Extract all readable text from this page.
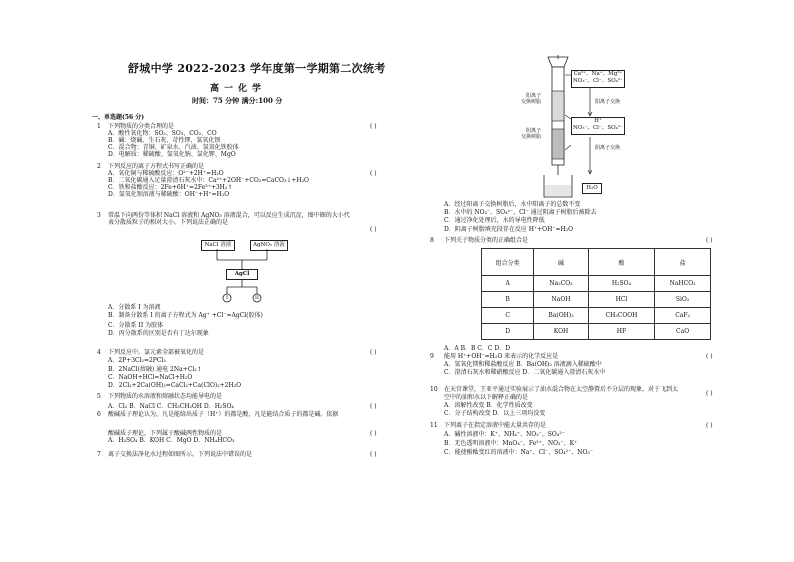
舒城中学 2022-2023 学年度第一学期第二次统考
高一化学
时间：75 分钟 满分:100 分
一、单选题(56 分)
1 下列物质的分类合理的是
A．酸性氧化物：SO₂、SO₃、CO₂、CO
B．碱：烧碱、生石灰、苛性钾、氢氧化钡
C．混合物：青铜、矿泉水、汽油、氢氧化铁胶体
D．电解质：稀硫酸、氢氧化钠、氯化钾、MgO
2 下列反应的离子方程式书写正确的是
A．氧化铜与稀硫酸反应：O²⁻+2H⁺=H₂O
B．二氧化碳通入足量澄清石灰水中：Ca²⁺+2OH⁻+CO₂=CaCO₃↓+H₂O
C．铁和盐酸反应：2Fe+6H⁺=2Fe³⁺+3H₂↑
D．氢氧化钡溶液与稀硫酸：OH⁻+H⁺=H₂O
3 常温下向两份等体积 NaCl 溶液和 AgNO₃ 溶液混合，可以反应生成沉淀，图中圈的大小代
表分散质粒子的相对大小。下列说法正确的是
A．分散系 I 为溶液
B．制备分散系 I 的离子方程式为 Ag⁺ +Cl⁻=AgCl(胶体)
C．分散系 II 为胶体
D．丙分散系的区别是否有丁达尔现象
4 下列反应中，氯元素全部被氧化的是
A．2P+3Cl₂=2PCl₃
B．2NaCl(熔融) 通电 2Na+Cl₂↑
C．NaOH+HCl=NaCl+H₂O
D．2Cl₂+2Ca(OH)₂=CaCl₂+Ca(ClO)₂+2H₂O
5 下列物质的水溶液和熔融状态均能导电的是
A．Cl₂ B．NaCl C．CH₃CH₂OH D．H₂SO₄
6 酸碱质子理论认为，凡是能给出质子（H⁺）的都是酸，凡是能结合质子的都是碱。依据
酸碱质子理论，下列属于酸碱两性物质的是
A．H₂SO₄ B．KOH C．MgO D．NH₄HCO₃
7 离子交换法净化水过程如图所示。下列说法中错误的是
( )
( )
( )
( )
( )
( )
( )
NaCl 溶液	AgNO₃ 溶液
AgCl
I	II
Ca²⁺、Na⁺、Mg²⁺
NO₃⁻、Cl⁻、SO₄²⁻
H⁺
NO₃⁻、Cl⁻、SO₄²⁻
阳离子交换
阴离子交换
阳离子
交换树脂
阴离子
交换树脂
H₂O
A．经过阳离子交换树脂后，水中阳离子的总数不变
B．水中的 NO₃⁻、SO₄²⁻、Cl⁻ 通过阴离子树脂后被除去
C．通过净化处理后，水的导电性降低
D．阴离子树脂填充段存在反应 H⁺+OH⁻=H₂O
8 下列关于物质分类的正确组合是
9 能用 H⁺+OH⁻=H₂O 来表示的化学反应是
A．氢氧化镁和稀盐酸反应 B．Ba(OH)₂ 溶液滴入稀硫酸中
C．澄清石灰水和稀硝酸反应 D．二氧化碳通入澄清石灰水中
10 在天宫课堂，王亚平通过实验展示了油水混合物在太空静置后不分层的现象，对于飞到太
空中的油和水以下解释正确的是
A．溶解性改变 B．化学性质改变
C．分子结构改变 D．以上三项均没变
11 下列离子在指定溶液中能大量共存的是
A．碱性溶液中：K⁺、NH₄⁺、NO₃⁻、SO₄²⁻
B．无色透明溶液中：MnO₄⁻、Fe³⁺、NO₃⁻、K⁺
C．能使酚酞变红的溶液中：Na⁺、Cl⁻、SO₄²⁻、NO₃⁻
( )
( )
( )
( )
组合分类	碱	酸	盐
A	Na₂CO₃	H₂SO₄	NaHCO₃
B	NaOH	HCl	SiO₂
C	Ba(OH)₂	CH₃COOH	CaF₂
D	KOH	HF	CaO
A．A B．B C．C D．D
